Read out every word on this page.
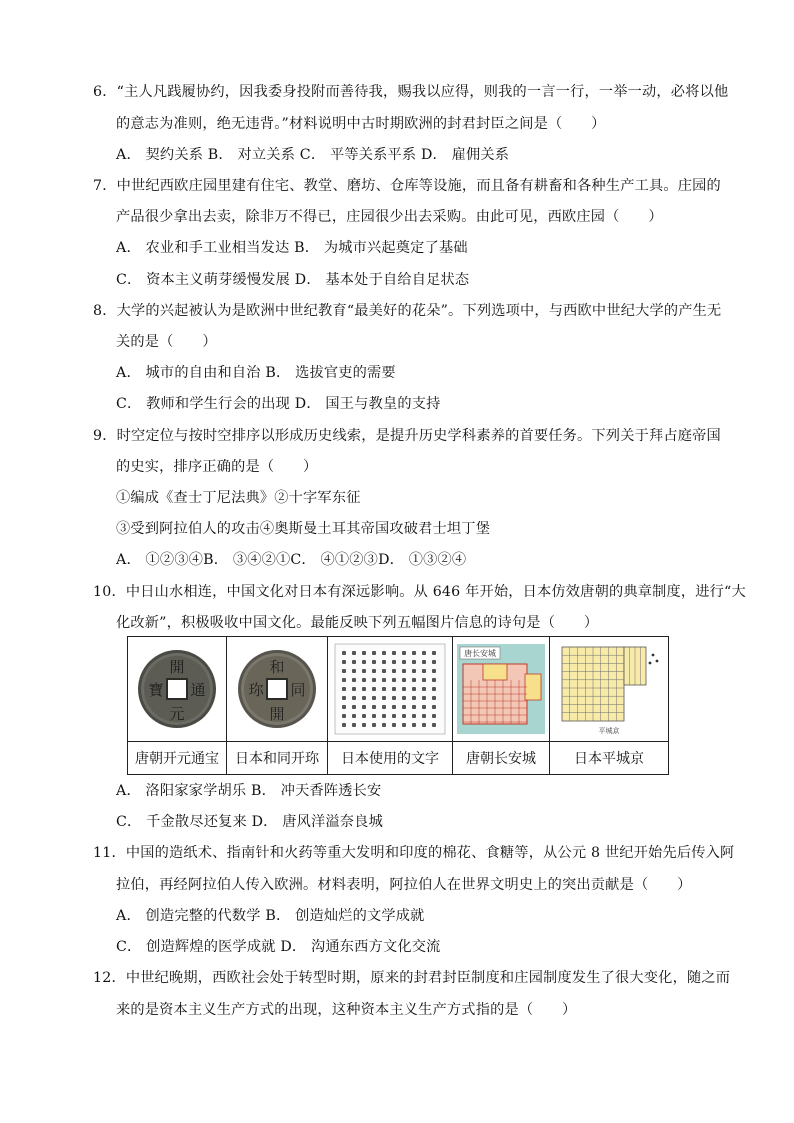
6．“主人凡践履协约，因我委身投附而善待我，赐我以应得，则我的一言一行，一举一动，必将以他
的意志为准则，绝无违背。”材料说明中古时期欧洲的封君封臣之间是（　　）
A． 契约关系 B． 对立关系 C． 平等关系平系 D． 雇佣关系
7．中世纪西欧庄园里建有住宅、教堂、磨坊、仓库等设施，而且备有耕畜和各种生产工具。庄园的
产品很少拿出去卖，除非万不得已，庄园很少出去采购。由此可见，西欧庄园（　　）
A． 农业和手工业相当发达 B． 为城市兴起奠定了基础
C． 资本主义萌芽缓慢发展 D． 基本处于自给自足状态
8．大学的兴起被认为是欧洲中世纪教育“最美好的花朵”。下列选项中，与西欧中世纪大学的产生无
关的是（　　）
A． 城市的自由和自治 B． 选拔官吏的需要
C． 教师和学生行会的出现 D． 国王与教皇的支持
9．时空定位与按时空排序以形成历史线索，是提升历史学科素养的首要任务。下列关于拜占庭帝国
的史实，排序正确的是（　　）
①编成《查士丁尼法典》②十字军东征
③受到阿拉伯人的攻击④奥斯曼土耳其帝国攻破君士坦丁堡
A． ①②③④B． ③④②①C． ④①②③D． ①③②④
10．中日山水相连，中国文化对日本有深远影响。从 646 年开始，日本仿效唐朝的典章制度，进行“大
化改新”，积极吸收中国文化。最能反映下列五幅图片信息的诗句是（　　）
開
元
通
寶	和
同
開
珎		唐长安城	平城京

唐朝开元通宝	日本和同开珎	日本使用的文字	唐朝长安城	日本平城京
A． 洛阳家家学胡乐 B． 冲天香阵透长安
C． 千金散尽还复来 D． 唐风洋溢奈良城
11．中国的造纸术、指南针和火药等重大发明和印度的棉花、食糖等，从公元 8 世纪开始先后传入阿
拉伯，再经阿拉伯人传入欧洲。材料表明，阿拉伯人在世界文明史上的突出贡献是（　　）
A． 创造完整的代数学 B． 创造灿烂的文学成就
C． 创造辉煌的医学成就 D． 沟通东西方文化交流
12．中世纪晚期，西欧社会处于转型时期，原来的封君封臣制度和庄园制度发生了很大变化，随之而
来的是资本主义生产方式的出现，这种资本主义生产方式指的是（　　）
